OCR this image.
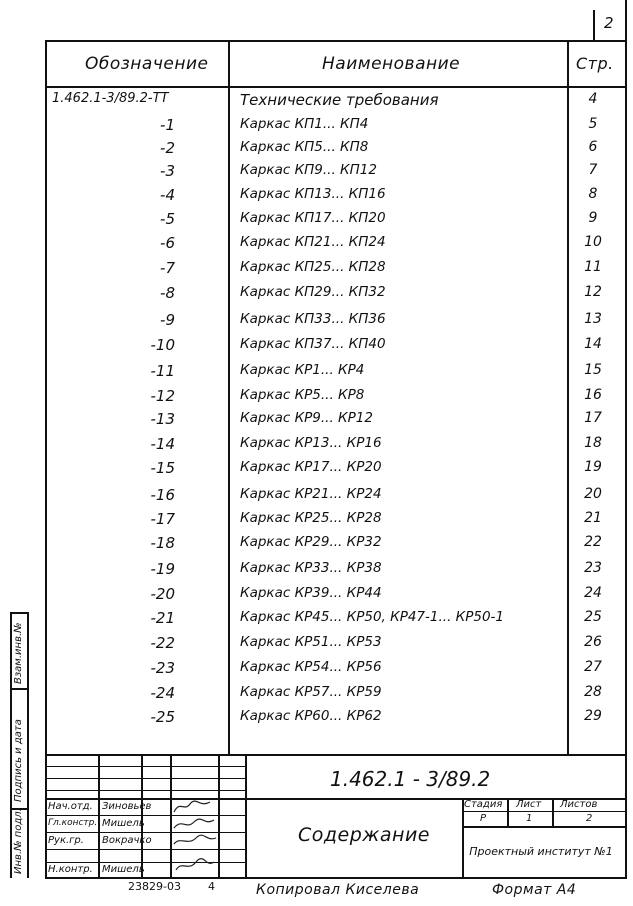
2
Обозначение	Наименование	Стр.
1.462.1-3/89.2-ТТ	Технические требования	4
-1	Каркас КП1... КП4	5
-2	Каркас КП5... КП8	6
-3	Каркас КП9... КП12	7
-4	Каркас КП13... КП16	8
-5	Каркас КП17... КП20	9
-6	Каркас КП21... КП24	10
-7	Каркас КП25... КП28	11
-8	Каркас КП29... КП32	12
-9	Каркас КП33... КП36	13
-10	Каркас КП37... КП40	14
-11	Каркас КР1... КР4	15
-12	Каркас КР5... КР8	16
-13	Каркас КР9... КР12	17
-14	Каркас КР13... КР16	18
-15	Каркас КР17... КР20	19
-16	Каркас КР21... КР24	20
-17	Каркас КР25... КР28	21
-18	Каркас КР29... КР32	22
-19	Каркас КР33... КР38	23
-20	Каркас КР39... КР44	24
-21	Каркас КР45... КР50, КР47-1... КР50-1	25
-22	Каркас КР51... КР53	26
-23	Каркас КР54... КР56	27
-24	Каркас КР57... КР59	28
-25	Каркас КР60... КР62	29
Инв.№ подл.
Подпись и дата
Взам.инв.№
1.462.1 - 3/89.2
Содержание
Стадия Лист Листов
Р	1	2
Проектный институт №1
Нач.отд. Зиновьев
Гл.констр. Мишель
Рук.гр. Вокрачко
Н.контр. Мишель
23829-03 4	Копировал Киселева	Формат А4
